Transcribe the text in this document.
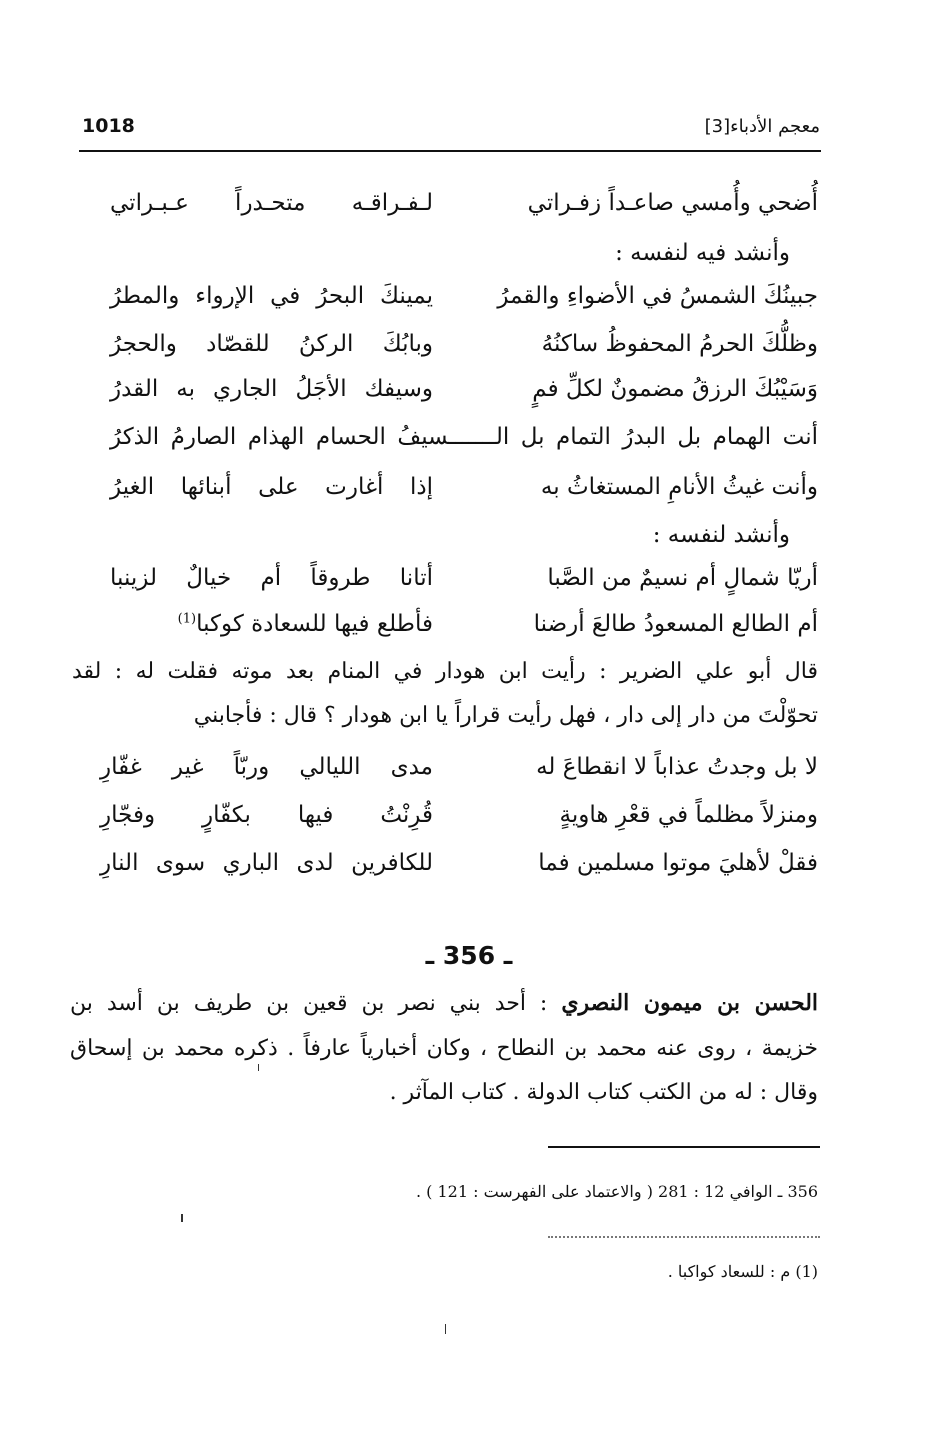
1018	معجم الأدباء[3]
أُضحي وأُمسي صاعـداً زفـراتي
لـفـراقـه متحـدراً عـبـراتي
وأنشد فيه لنفسه :
جبينُكَ الشمسُ في الأضواءِ والقمرُ
يمينكَ البحرُ في الإرواء والمطرُ
وظلُّكَ الحرمُ المحفوظُ ساكنُهُ
وبابُكَ الركنُ للقصّاد والحجرُ
وَسَيْبُكَ الرزقُ مضمونٌ لكلِّ فمٍ
وسيفك الأجَلُ الجاري به القدرُ
أنت الهمام بل البدرُ التمام بل الـــــــسيفُ الحسام الهذام الصارمُ الذكرُ
وأنت غيثُ الأنامِ المستغاثُ به
إذا أغارت على أبنائها الغيرُ
وأنشد لنفسه :
أريّا شمالٍ أم نسيمٌ من الصَّبا
أتانا طروقاً أم خيالٌ لزينبا
أم الطالع المسعودُ طالعَ أرضنا
فأطلع فيها للسعادة كوكبا$^{(1)}$
قال أبو علي الضرير : رأيت ابن هودار في المنام بعد موته فقلت له : لقد
تحوّلْتَ من دار إلى دار ، فهل رأيت قراراً يا ابن هودار ؟ قال : فأجابني
لا بل وجدتُ عذاباً لا انقطاعَ له
مدى الليالي وربّاً غير غفّارِ
ومنزلاً مظلماً في قعْرِ هاويةٍ
قُرِنْتُ فيها بكفّارٍ وفجّارِ
فقلْ لأهليَ موتوا مسلمين فما
للكافرين لدى الباري سوى النارِ
ـ 356 ـ
الحسن بن ميمون النصري : أحد بني نصر بن قعين بن طريف بن أسد بن
خزيمة ، روى عنه محمد بن النطاح ، وكان أخبارياً عارفاً . ذكره محمد بن إسحاق
وقال : له من الكتب كتاب الدولة . كتاب المآثر .
356 ـ الوافي 12 : 281 ( والاعتماد على الفهرست : 121 ) .
(1) م : للسعاد كواكبا .
